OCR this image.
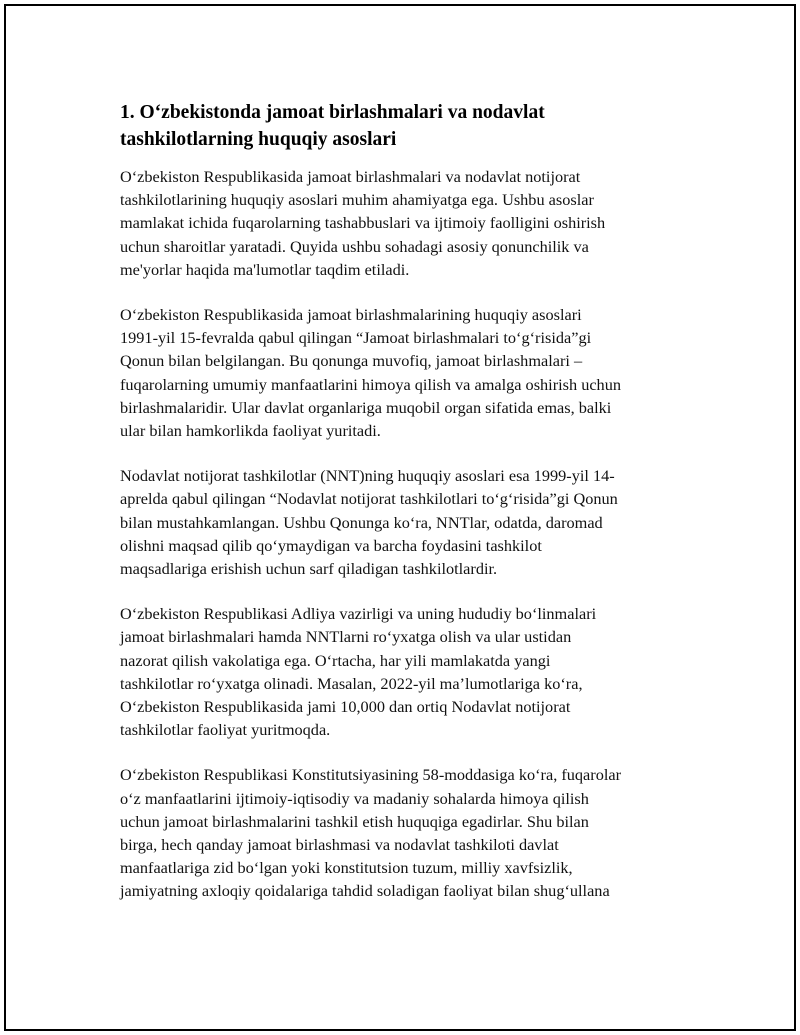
1. O‘zbekistonda jamoat birlashmalari va nodavlat
tashkilotlarning huquqiy asoslari

O‘zbekiston Respublikasida jamoat birlashmalari va nodavlat notijorat
tashkilotlarining huquqiy asoslari muhim ahamiyatga ega. Ushbu asoslar
mamlakat ichida fuqarolarning tashabbuslari va ijtimoiy faolligini oshirish
uchun sharoitlar yaratadi. Quyida ushbu sohadagi asosiy qonunchilik va
me'yorlar haqida ma'lumotlar taqdim etiladi.

O‘zbekiston Respublikasida jamoat birlashmalarining huquqiy asoslari
1991-yil 15-fevralda qabul qilingan “Jamoat birlashmalari to‘g‘risida”gi
Qonun bilan belgilangan. Bu qonunga muvofiq, jamoat birlashmalari –
fuqarolarning umumiy manfaatlarini himoya qilish va amalga oshirish uchun
birlashmalaridir. Ular davlat organlariga muqobil organ sifatida emas, balki
ular bilan hamkorlikda faoliyat yuritadi.

Nodavlat notijorat tashkilotlar (NNT)ning huquqiy asoslari esa 1999-yil 14-
aprelda qabul qilingan “Nodavlat notijorat tashkilotlari to‘g‘risida”gi Qonun
bilan mustahkamlangan. Ushbu Qonunga ko‘ra, NNTlar, odatda, daromad
olishni maqsad qilib qo‘ymaydigan va barcha foydasini tashkilot
maqsadlariga erishish uchun sarf qiladigan tashkilotlardir.

O‘zbekiston Respublikasi Adliya vazirligi va uning hududiy bo‘linmalari
jamoat birlashmalari hamda NNTlarni ro‘yxatga olish va ular ustidan
nazorat qilish vakolatiga ega. O‘rtacha, har yili mamlakatda yangi
tashkilotlar ro‘yxatga olinadi. Masalan, 2022-yil ma’lumotlariga ko‘ra,
O‘zbekiston Respublikasida jami 10,000 dan ortiq Nodavlat notijorat
tashkilotlar faoliyat yuritmoqda.

O‘zbekiston Respublikasi Konstitutsiyasining 58-moddasiga ko‘ra, fuqarolar
o‘z manfaatlarini ijtimoiy-iqtisodiy va madaniy sohalarda himoya qilish
uchun jamoat birlashmalarini tashkil etish huquqiga egadirlar. Shu bilan
birga, hech qanday jamoat birlashmasi va nodavlat tashkiloti davlat
manfaatlariga zid bo‘lgan yoki konstitutsion tuzum, milliy xavfsizlik,
jamiyatning axloqiy qoidalariga tahdid soladigan faoliyat bilan shug‘ullana
